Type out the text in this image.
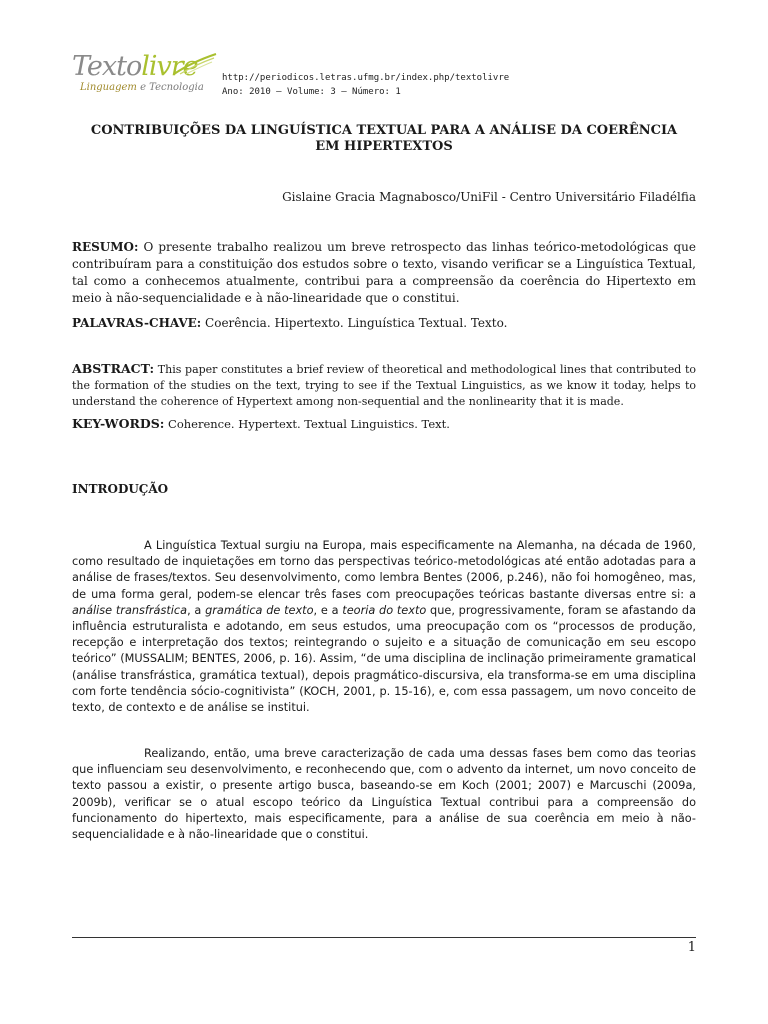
Textolivre
Linguagem e Tecnologia
http://periodicos.letras.ufmg.br/index.php/textolivre
Ano: 2010 – Volume: 3 – Número: 1
CONTRIBUIÇÕES DA LINGUÍSTICA TEXTUAL PARA A ANÁLISE DA COERÊNCIA
EM HIPERTEXTOS
Gislaine Gracia Magnabosco/UniFil - Centro Universitário Filadélfia
RESUMO: O presente trabalho realizou um breve retrospecto das linhas teórico-metodológicas que contribuíram para a constituição dos estudos sobre o texto, visando verificar se a Linguística Textual, tal como a conhecemos atualmente, contribui para a compreensão da coerência do Hipertexto em meio à não-sequencialidade e à não-linearidade que o constitui.
PALAVRAS-CHAVE: Coerência. Hipertexto. Linguística Textual. Texto.
ABSTRACT: This paper constitutes a brief review of theoretical and methodological lines that contributed to the formation of the studies on the text, trying to see if the Textual Linguistics, as we know it today, helps to understand the coherence of Hypertext among non-sequential and the nonlinearity that it is made.
KEY-WORDS: Coherence. Hypertext. Textual Linguistics. Text.
INTRODUÇÃO

A Linguística Textual surgiu na Europa, mais especificamente na Alemanha, na década de 1960, como resultado de inquietações em torno das perspectivas teórico-metodológicas até então adotadas para a análise de frases/textos. Seu desenvolvimento, como lembra Bentes (2006, p.246), não foi homogêneo, mas, de uma forma geral, podem-se elencar três fases com preocupações teóricas bastante diversas entre si: a análise transfrástica, a gramática de texto, e a teoria do texto que, progressivamente, foram se afastando da influência estruturalista e adotando, em seus estudos, uma preocupação com os “processos de produção, recepção e interpretação dos textos; reintegrando o sujeito e a situação de comunicação em seu escopo teórico” (MUSSALIM; BENTES, 2006, p. 16). Assim, “de uma disciplina de inclinação primeiramente gramatical (análise transfrástica, gramática textual), depois pragmático-discursiva, ela transforma-se em uma disciplina com forte tendência sócio-cognitivista” (KOCH, 2001, p. 15-16), e, com essa passagem, um novo conceito de texto, de contexto e de análise se institui.

Realizando, então, uma breve caracterização de cada uma dessas fases bem como das teorias que influenciam seu desenvolvimento, e reconhecendo que, com o advento da internet, um novo conceito de texto passou a existir, o presente artigo busca, baseando-se em Koch (2001; 2007) e Marcuschi (2009a, 2009b), verificar se o atual escopo teórico da Linguística Textual contribui para a compreensão do funcionamento do hipertexto, mais especificamente, para a análise de sua coerência em meio à não-sequencialidade e à não-linearidade que o constitui.

1
